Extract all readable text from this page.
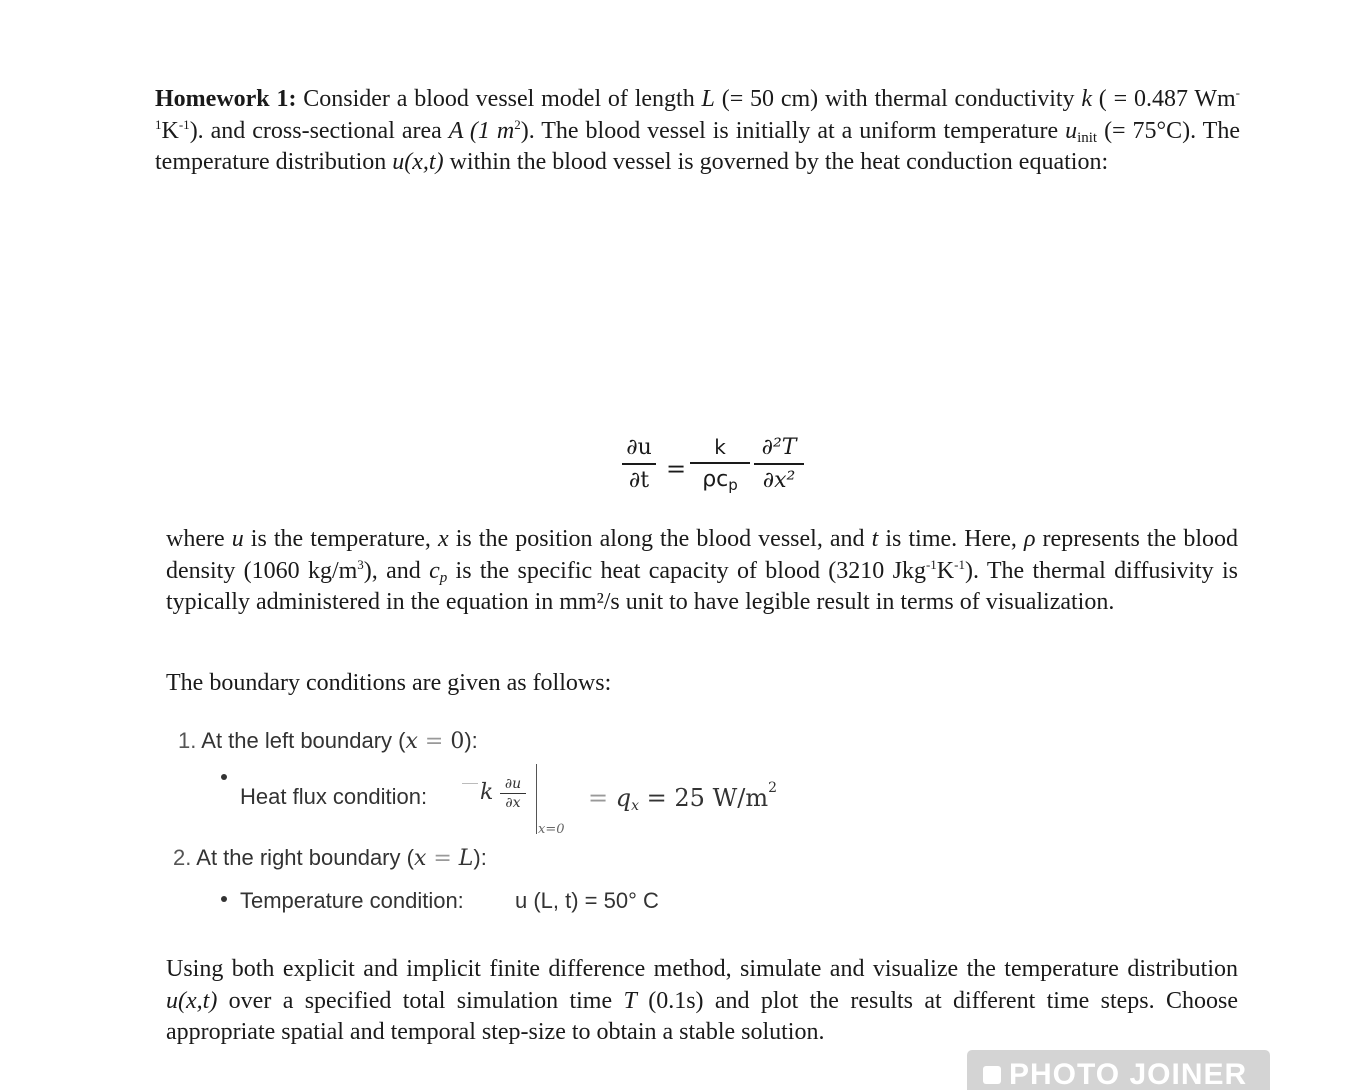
Homework 1: Consider a blood vessel model of length L (= 50 cm) with thermal conductivity k ( = 0.487 $Wm^{-1}K^{-1}$). and cross-sectional area A (1 $m^2$). The blood vessel is initially at a uniform temperature $u_{init}$ (= 75°C). The temperature distribution u(x,t) within the blood vessel is governed by the heat conduction equation:

∂u
∂t =
k
$\rho c_p$
∂²T
∂x²

where u is the temperature, x is the position along the blood vessel, and t is time. Here, ρ represents the blood density (1060 $kg/m^3$), and $c_p$ is the specific heat capacity of blood (3210 $Jkg^{-1}K^{-1}$). The thermal diffusivity is typically administered in the equation in mm²/s unit to have legible result in terms of visualization.

The boundary conditions are given as follows:

1. At the left boundary (x = 0):
Heat flux condition: k ∂u
∂x
x=0
= $q_x = 25$ $W/m^2$
2. At the right boundary (x = L):
Temperature condition: u (L, t) = 50° C

Using both explicit and implicit finite difference method, simulate and visualize the temperature distribution u(x,t) over a specified total simulation time T (0.1s) and plot the results at different time steps. Choose appropriate spatial and temporal step-size to obtain a stable solution.

PHOTO JOINER
